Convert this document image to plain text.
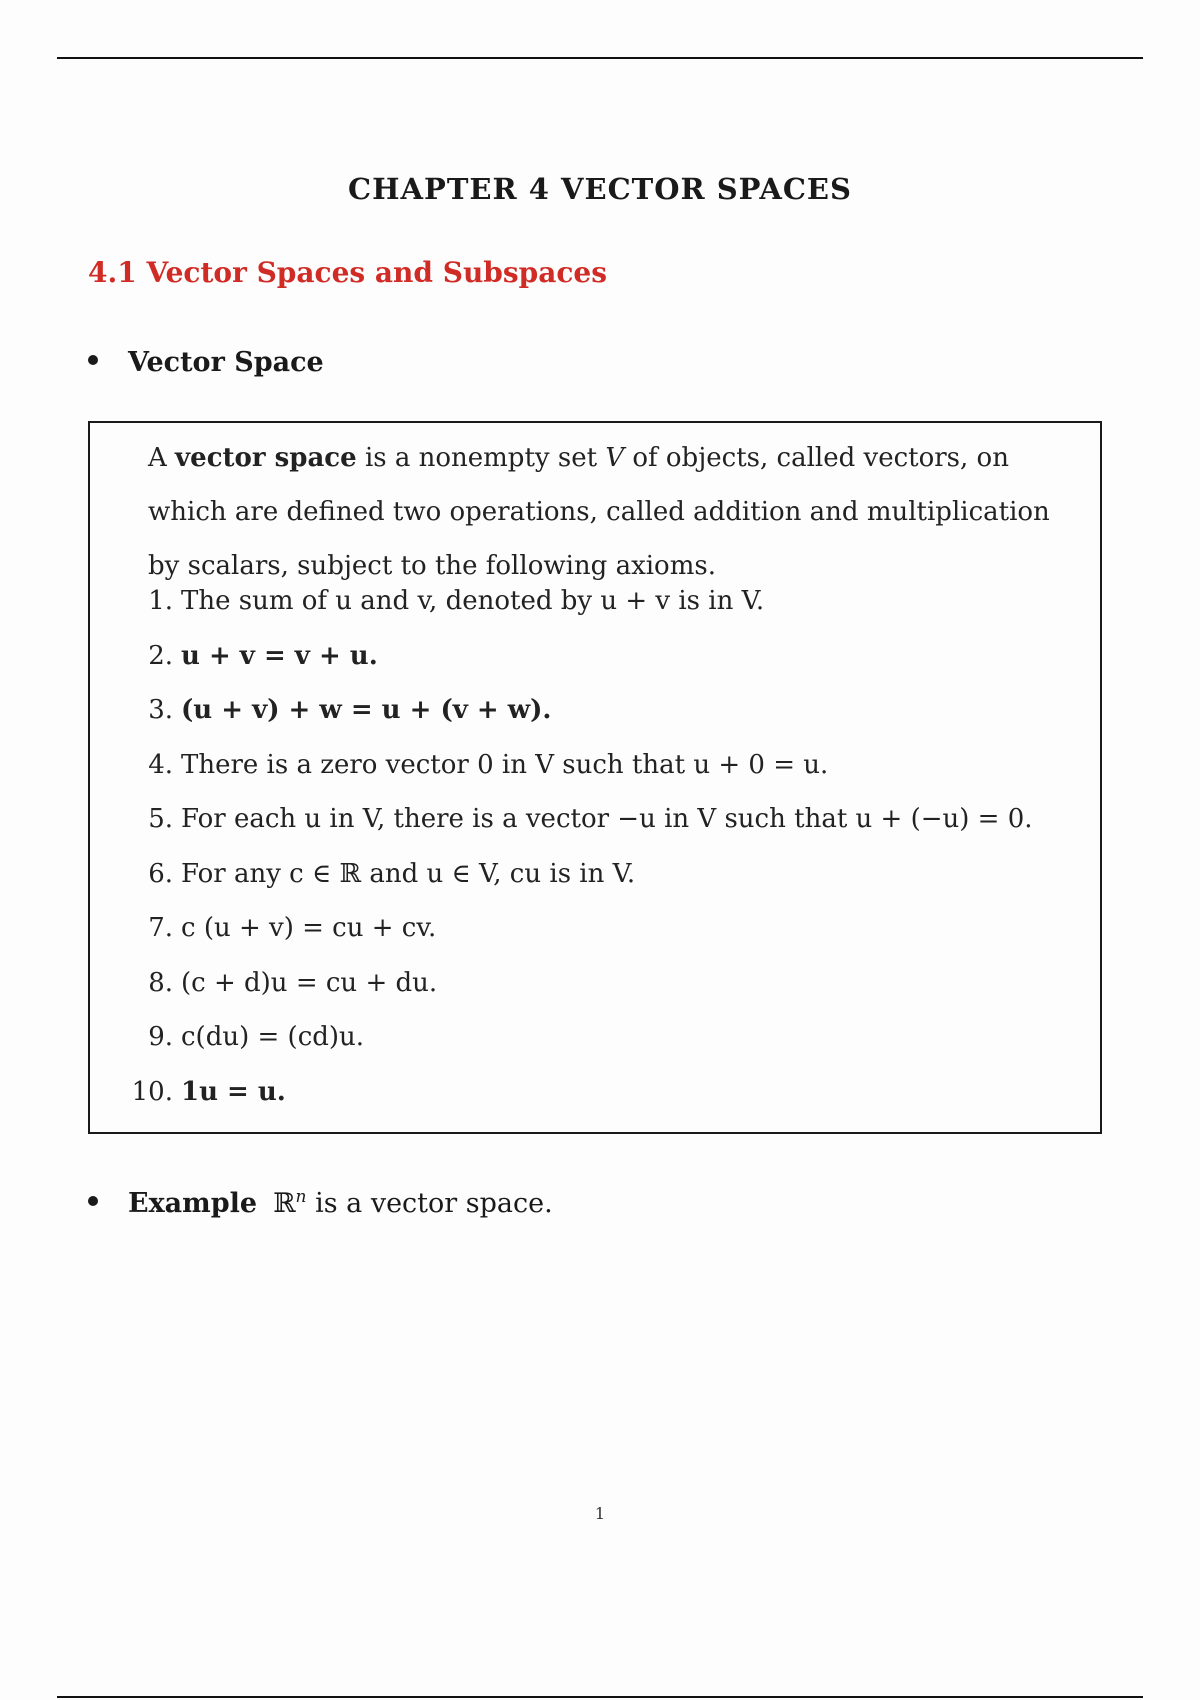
CHAPTER 4 VECTOR SPACES
4.1 Vector Spaces and Subspaces
Vector Space
A vector space is a nonempty set V of objects, called vectors, on which are defined two operations, called addition and multiplication by scalars, subject to the following axioms.
1. The sum of u and v, denoted by u + v is in V.
2. u + v = v + u.
3. (u + v) + w = u + (v + w).
4. There is a zero vector 0 in V such that u + 0 = u.
5. For each u in V, there is a vector −u in V such that u + (−u) = 0.
6. For any c ∈ ℝ and u ∈ V, cu is in V.
7. c (u + v) = cu + cv.
8. (c + d)u = cu + du.
9. c(du) = (cd)u.
10. 1u = u.
Example ℝ$^n$ is a vector space.
1
